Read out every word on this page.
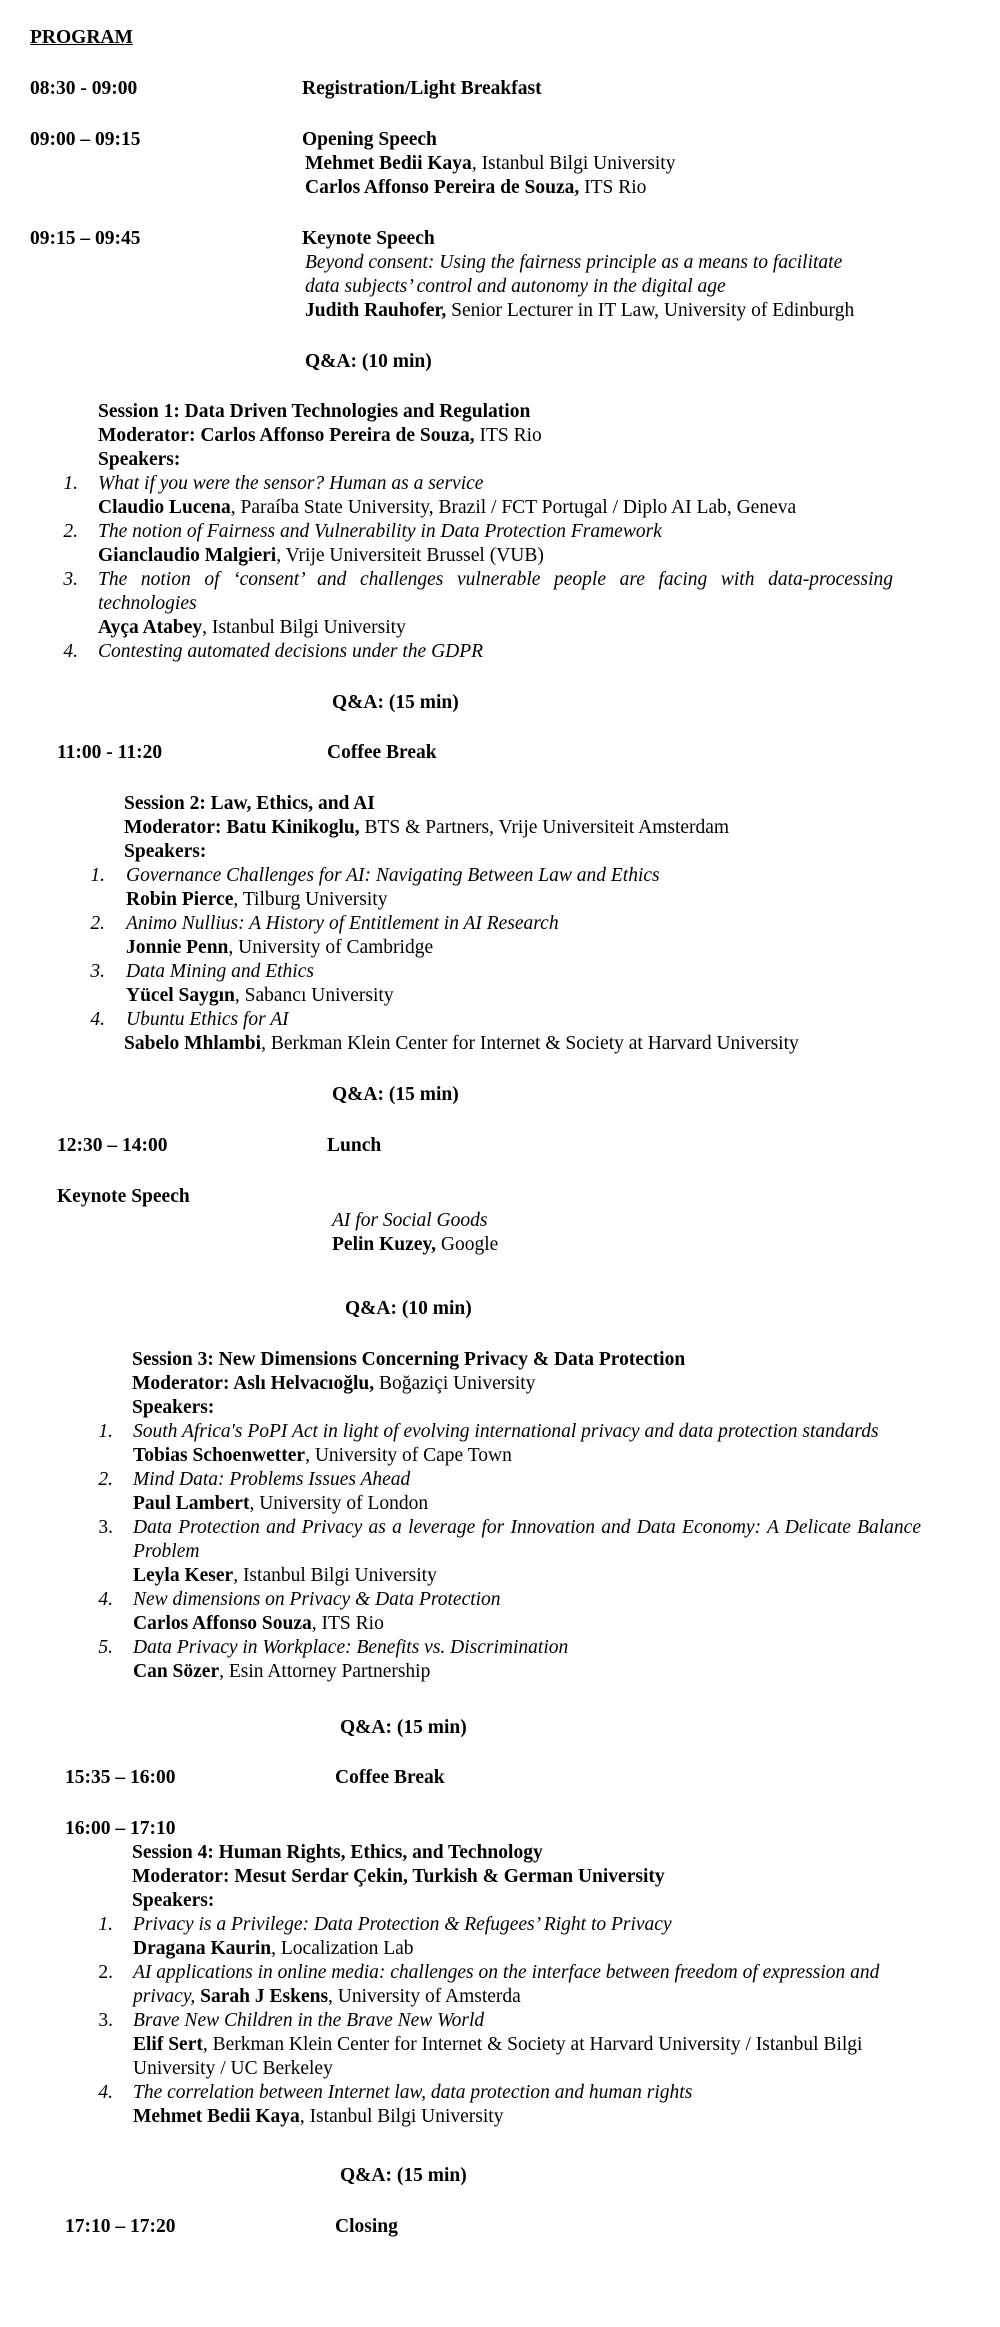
PROGRAM
08:30 - 09:00	Registration/Light Breakfast
09:00 – 09:15	Opening Speech
Mehmet Bedii Kaya, Istanbul Bilgi University
Carlos Affonso Pereira de Souza, ITS Rio
09:15 – 09:45	Keynote Speech
Beyond consent: Using the fairness principle as a means to facilitate
data subjects’ control and autonomy in the digital age
Judith Rauhofer, Senior Lecturer in IT Law, University of Edinburgh
Q&A: (10 min)
Session 1: Data Driven Technologies and Regulation
Moderator: Carlos Affonso Pereira de Souza, ITS Rio
Speakers:
1. What if you were the sensor? Human as a service
Claudio Lucena, Paraíba State University, Brazil / FCT Portugal / Diplo AI Lab, Geneva
2. The notion of Fairness and Vulnerability in Data Protection Framework
Gianclaudio Malgieri, Vrije Universiteit Brussel (VUB)
3. The notion of ‘consent’ and challenges vulnerable people are facing with data-processing technologies
Ayça Atabey, Istanbul Bilgi University
4. Contesting automated decisions under the GDPR
Q&A: (15 min)
11:00 - 11:20	Coffee Break
Session 2: Law, Ethics, and AI
Moderator: Batu Kinikoglu, BTS & Partners, Vrije Universiteit Amsterdam
Speakers:
1. Governance Challenges for AI: Navigating Between Law and Ethics
Robin Pierce, Tilburg University
2. Animo Nullius: A History of Entitlement in AI Research
Jonnie Penn, University of Cambridge
3. Data Mining and Ethics
Yücel Saygın, Sabancı University
4. Ubuntu Ethics for AI
Sabelo Mhlambi, Berkman Klein Center for Internet & Society at Harvard University
Q&A: (15 min)
12:30 – 14:00	Lunch
Keynote Speech
AI for Social Goods
Pelin Kuzey, Google
Q&A: (10 min)
Session 3: New Dimensions Concerning Privacy & Data Protection
Moderator: Aslı Helvacıoğlu, Boğaziçi University
Speakers:
1. South Africa's PoPI Act in light of evolving international privacy and data protection standards
Tobias Schoenwetter, University of Cape Town
2. Mind Data: Problems Issues Ahead
Paul Lambert, University of London
3. Data Protection and Privacy as a leverage for Innovation and Data Economy: A Delicate Balance Problem
Leyla Keser, Istanbul Bilgi University
4. New dimensions on Privacy & Data Protection
Carlos Affonso Souza, ITS Rio
5. Data Privacy in Workplace: Benefits vs. Discrimination
Can Sözer, Esin Attorney Partnership
Q&A: (15 min)
15:35 – 16:00	Coffee Break
16:00 – 17:10
Session 4: Human Rights, Ethics, and Technology
Moderator: Mesut Serdar Çekin, Turkish & German University
Speakers:
1. Privacy is a Privilege: Data Protection & Refugees’ Right to Privacy
Dragana Kaurin, Localization Lab
2. AI applications in online media: challenges on the interface between freedom of expression and
privacy, Sarah J Eskens, University of Amsterda
3. Brave New Children in the Brave New World
Elif Sert, Berkman Klein Center for Internet & Society at Harvard University / Istanbul Bilgi University / UC Berkeley
4. The correlation between Internet law, data protection and human rights
Mehmet Bedii Kaya, Istanbul Bilgi University
Q&A: (15 min)
17:10 – 17:20	Closing
